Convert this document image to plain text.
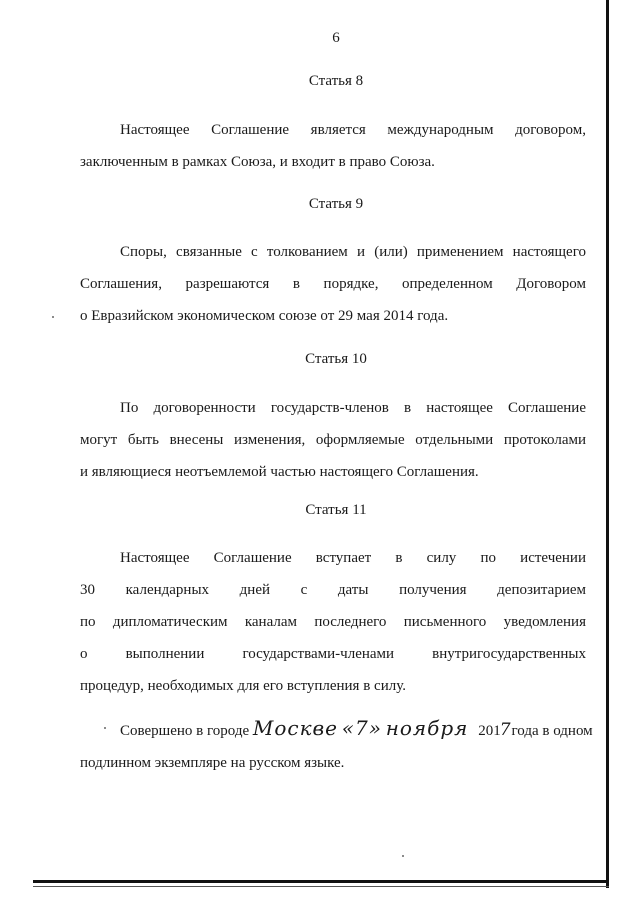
6
Статья 8
Настоящее Соглашение является международным договором,
заключенным в рамках Союза, и входит в право Союза.
Статья 9
Споры, связанные с толкованием и (или) применением настоящего
Соглашения, разрешаются в порядке, определенном Договором
о Евразийском экономическом союзе от 29 мая 2014 года.
Статья 10
По договоренности государств-членов в настоящее Соглашение
могут быть внесены изменения, оформляемые отдельными протоколами
и являющиеся неотъемлемой частью настоящего Соглашения.
Статья 11
Настоящее Соглашение вступает в силу по истечении
30 календарных дней с даты получения депозитарием
по дипломатическим каналам последнего письменного уведомления
о выполнении государствами-членами внутригосударственных
процедур, необходимых для его вступления в силу.
Совершено в городе Москве «7» ноября 2017года в одном
подлинном экземпляре на русском языке.
